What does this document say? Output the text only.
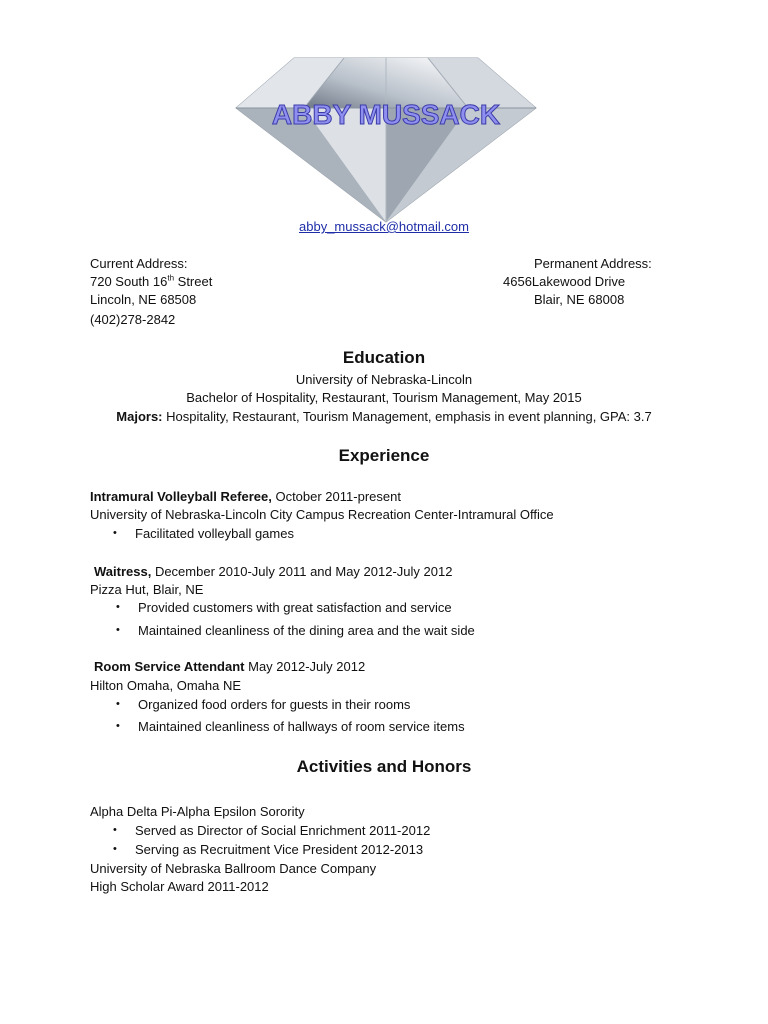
ABBY MUSSACK
abby_mussack@hotmail.com
Current Address:
720 South 16th Street
Lincoln, NE 68508
(402)278-2842
Permanent Address:
4656Lakewood Drive
Blair, NE 68008
Education
University of Nebraska-Lincoln
Bachelor of Hospitality, Restaurant, Tourism Management, May 2015
Majors: Hospitality, Restaurant, Tourism Management, emphasis in event planning, GPA: 3.7
Experience
Intramural Volleyball Referee, October 2011-present
University of Nebraska-Lincoln City Campus Recreation Center-Intramural Office
• Facilitated volleyball games
Waitress, December 2010-July 2011 and May 2012-July 2012
Pizza Hut, Blair, NE
• Provided customers with great satisfaction and service
• Maintained cleanliness of the dining area and the wait side
Room Service Attendant May 2012-July 2012
Hilton Omaha, Omaha NE
• Organized food orders for guests in their rooms
• Maintained cleanliness of hallways of room service items
Activities and Honors
Alpha Delta Pi-Alpha Epsilon Sorority
• Served as Director of Social Enrichment 2011-2012
• Serving as Recruitment Vice President 2012-2013
University of Nebraska Ballroom Dance Company
High Scholar Award 2011-2012
